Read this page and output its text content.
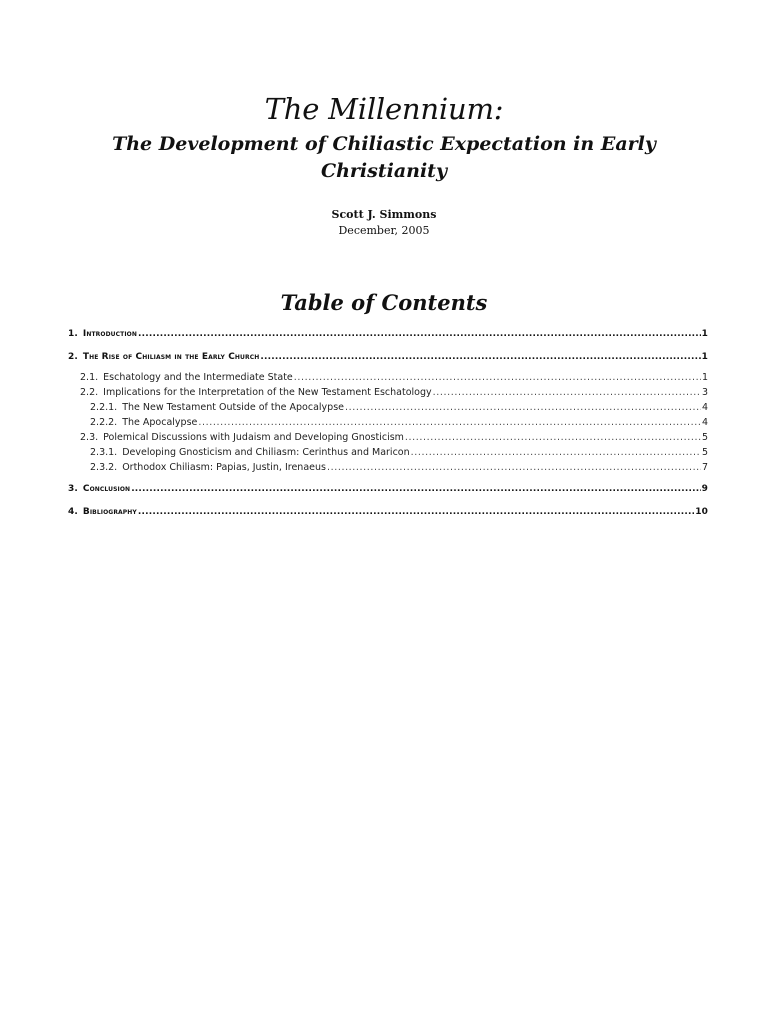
The Millennium:
The Development of Chiliastic Expectation in Early Christianity
Scott J. Simmons
December, 2005
Table of Contents
1. Introduction .....	1
2. The Rise of Chiliasm in the Early Church .....	1
2.1. Eschatology and the Intermediate State .....	1
2.2. Implications for the Interpretation of the New Testament Eschatology .....	3
2.2.1. The New Testament Outside of the Apocalypse .....	4
2.2.2. The Apocalypse .....	4
2.3. Polemical Discussions with Judaism and Developing Gnosticism .....	5
2.3.1. Developing Gnosticism and Chiliasm: Cerinthus and Maricon .....	5
2.3.2. Orthodox Chiliasm: Papias, Justin, Irenaeus .....	7
3. Conclusion .....	9
4. Bibliography .....	10
